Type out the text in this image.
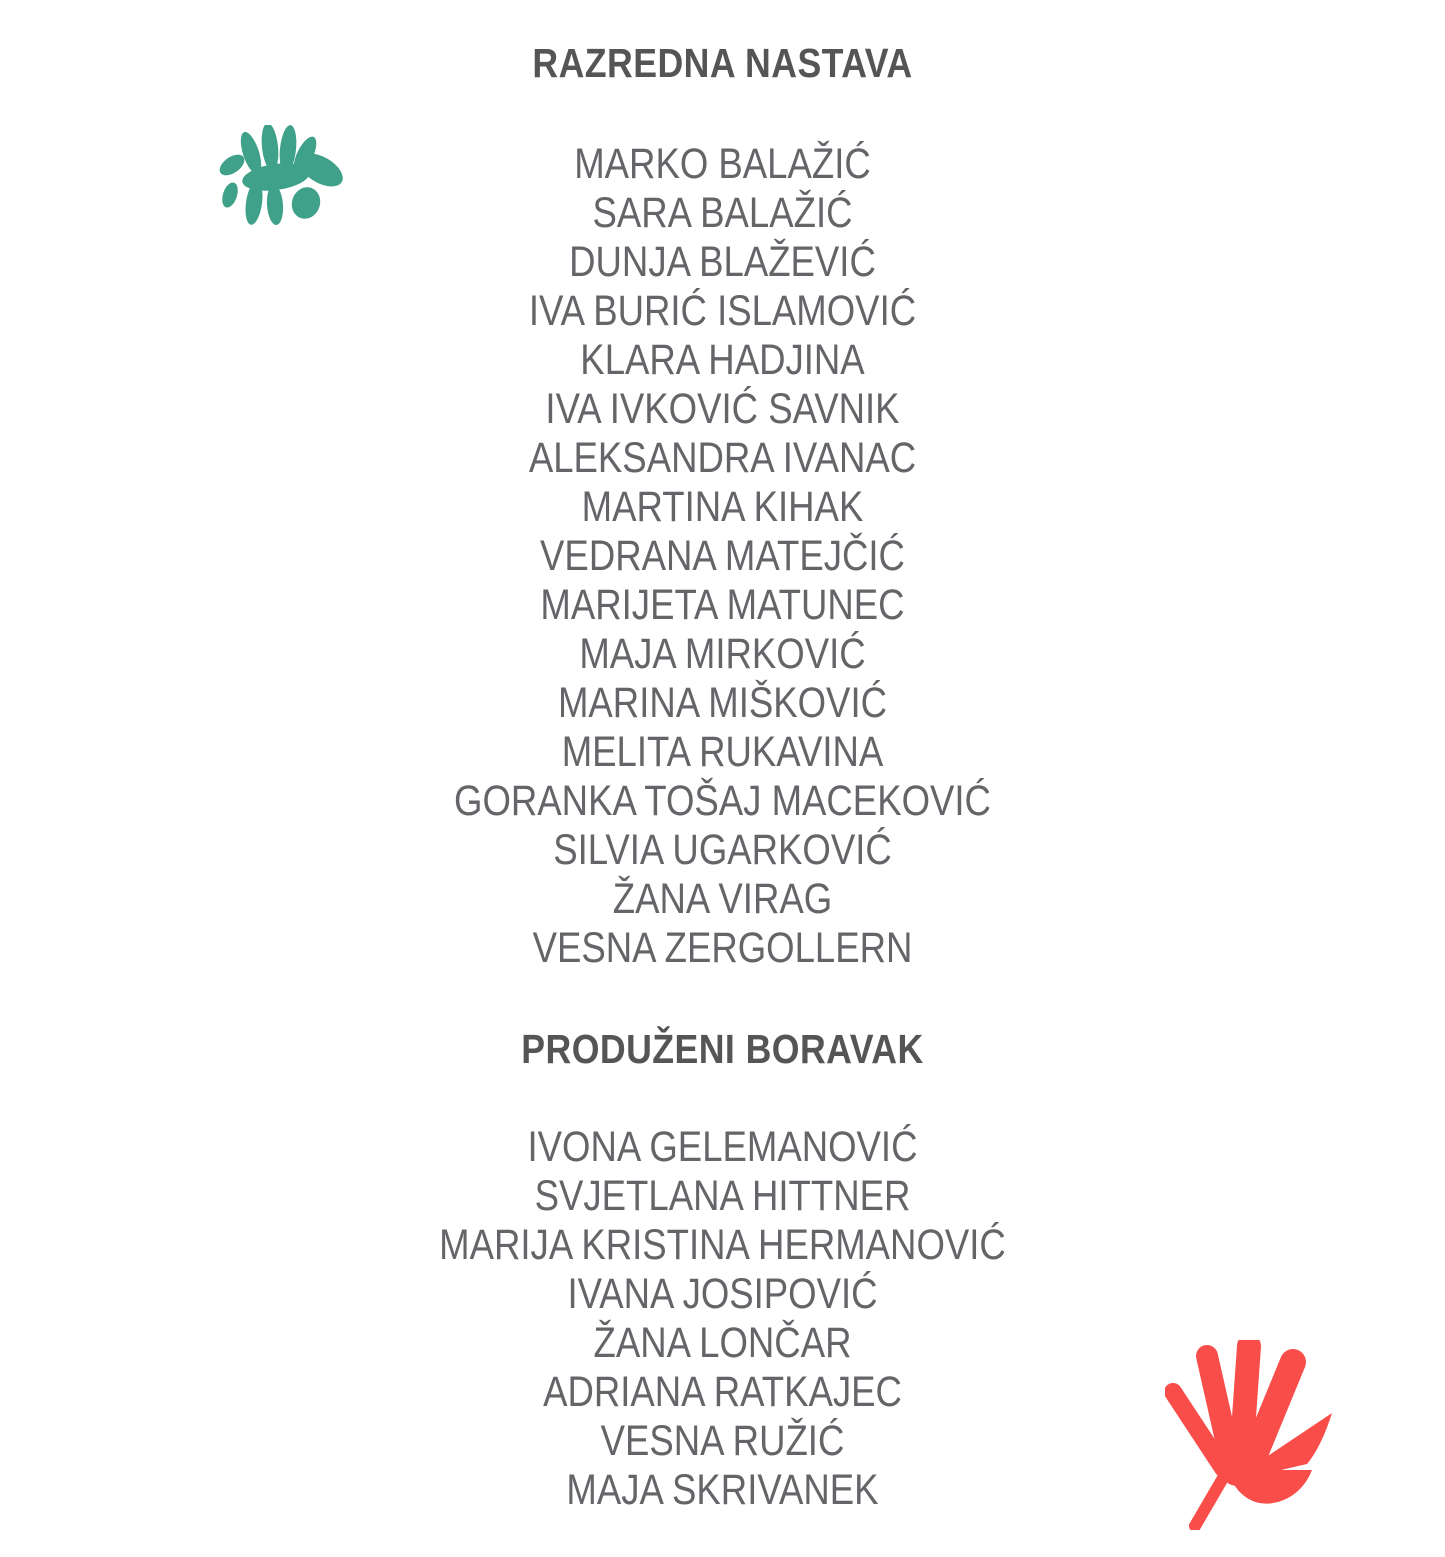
RAZREDNA NASTAVA
MARKO BALAŽIĆ
SARA BALAŽIĆ
DUNJA BLAŽEVIĆ
IVA BURIĆ ISLAMOVIĆ
KLARA HADJINA
IVA IVKOVIĆ SAVNIK
ALEKSANDRA IVANAC
MARTINA KIHAK
VEDRANA MATEJČIĆ
MARIJETA MATUNEC
MAJA MIRKOVIĆ
MARINA MIŠKOVIĆ
MELITA RUKAVINA
GORANKA TOŠAJ MACEKOVIĆ
SILVIA UGARKOVIĆ
ŽANA VIRAG
VESNA ZERGOLLERN
PRODUŽENI BORAVAK
IVONA GELEMANOVIĆ
SVJETLANA HITTNER
MARIJA KRISTINA HERMANOVIĆ
IVANA JOSIPOVIĆ
ŽANA LONČAR
ADRIANA RATKAJEC
VESNA RUŽIĆ
MAJA SKRIVANEK
